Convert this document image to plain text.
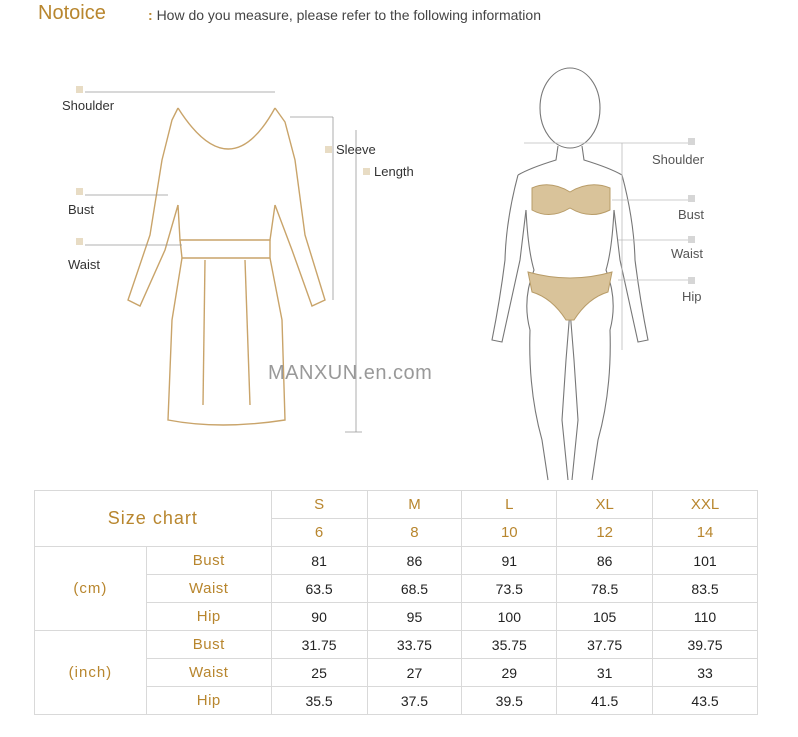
Notoice	: How do you measure, please refer to the following information
Shoulder
Bust
Waist
Sleeve
Length
Shoulder
Bust
Waist
Hip
MANXUN.en.com
Size chart		S	M	L	XL	XXL
		6	8	10	12	14
(cm)	Bust	81	86	91	86	101
	Waist	63.5	68.5	73.5	78.5	83.5
	Hip	90	95	100	105	110
(inch)	Bust	31.75	33.75	35.75	37.75	39.75
	Waist	25	27	29	31	33
	Hip	35.5	37.5	39.5	41.5	43.5
